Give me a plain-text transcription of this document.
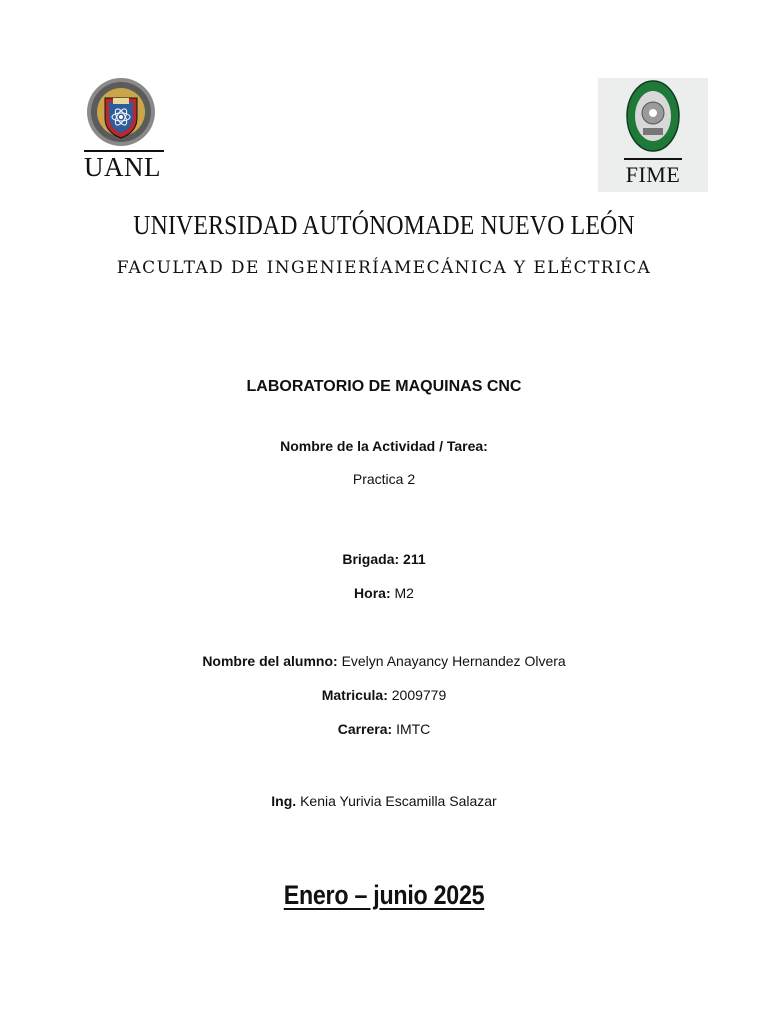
UANL	FIME
UNIVERSIDAD AUTÓNOMADE NUEVO LEÓN
FACULTAD DE INGENIERÍAMECÁNICA Y ELÉCTRICA
LABORATORIO DE MAQUINAS CNC
Nombre de la Actividad / Tarea:
Practica 2
Brigada: 211
Hora: M2
Nombre del alumno: Evelyn Anayancy Hernandez Olvera
Matricula: 2009779
Carrera: IMTC
Ing. Kenia Yurivia Escamilla Salazar
Enero – junio 2025
